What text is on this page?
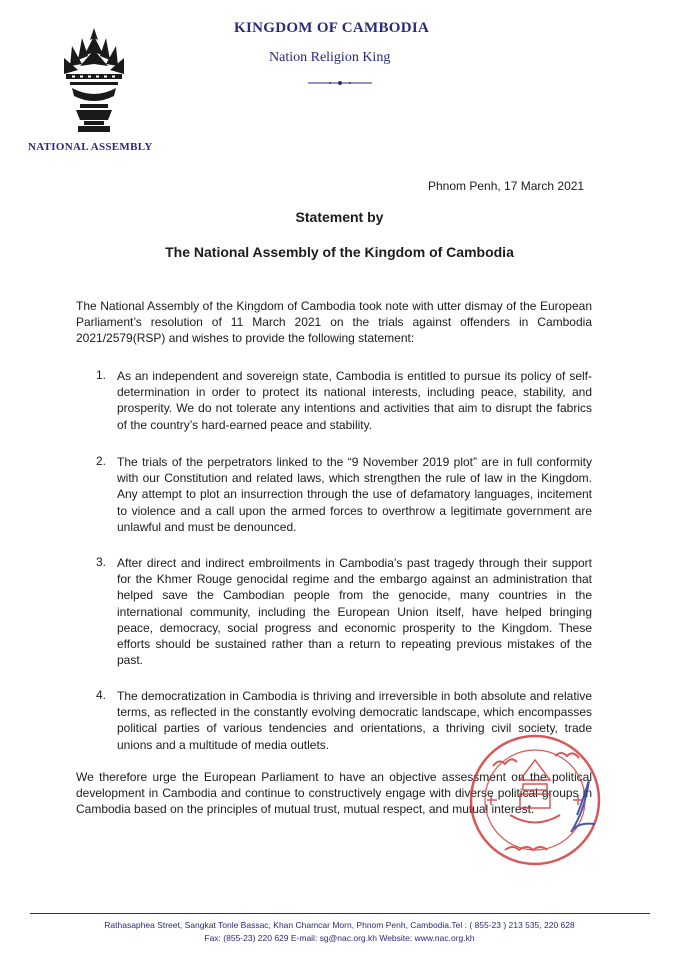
NATIONAL ASSEMBLY
KINGDOM OF CAMBODIA
Nation Religion King
Phnom Penh, 17 March 2021
Statement by
The National Assembly of the Kingdom of Cambodia

The National Assembly of the Kingdom of Cambodia took note with utter dismay of the European Parliament’s resolution of 11 March 2021 on the trials against offenders in Cambodia 2021/2579(RSP) and wishes to provide the following statement:

1. As an independent and sovereign state, Cambodia is entitled to pursue its policy of self-determination in order to protect its national interests, including peace, stability, and prosperity. We do not tolerate any intentions and activities that aim to disrupt the fabrics of the country’s hard-earned peace and stability.

2. The trials of the perpetrators linked to the “9 November 2019 plot” are in full conformity with our Constitution and related laws, which strengthen the rule of law in the Kingdom. Any attempt to plot an insurrection through the use of defamatory languages, incitement to violence and a call upon the armed forces to overthrow a legitimate government are unlawful and must be denounced.

3. After direct and indirect embroilments in Cambodia’s past tragedy through their support for the Khmer Rouge genocidal regime and the embargo against an administration that helped save the Cambodian people from the genocide, many countries in the international community, including the European Union itself, have helped bringing peace, democracy, social progress and economic prosperity to the Kingdom. These efforts should be sustained rather than a return to repeating previous mistakes of the past.

4. The democratization in Cambodia is thriving and irreversible in both absolute and relative terms, as reflected in the constantly evolving democratic landscape, which encompasses political parties of various tendencies and orientations, a thriving civil society, trade unions and a multitude of media outlets.

We therefore urge the European Parliament to have an objective assessment on the political development in Cambodia and continue to constructively engage with diverse political groups in Cambodia based on the principles of mutual trust, mutual respect, and mutual interest.

Rathasaphea Street, Sangkat Tonle Bassac, Khan Chamcar Morn, Phnom Penh, Cambodia.Tel : ( 855-23 ) 213 535, 220 628
Fax: (855-23) 220 629 E-mail: sg@nac.org.kh Website: www.nac.org.kh
